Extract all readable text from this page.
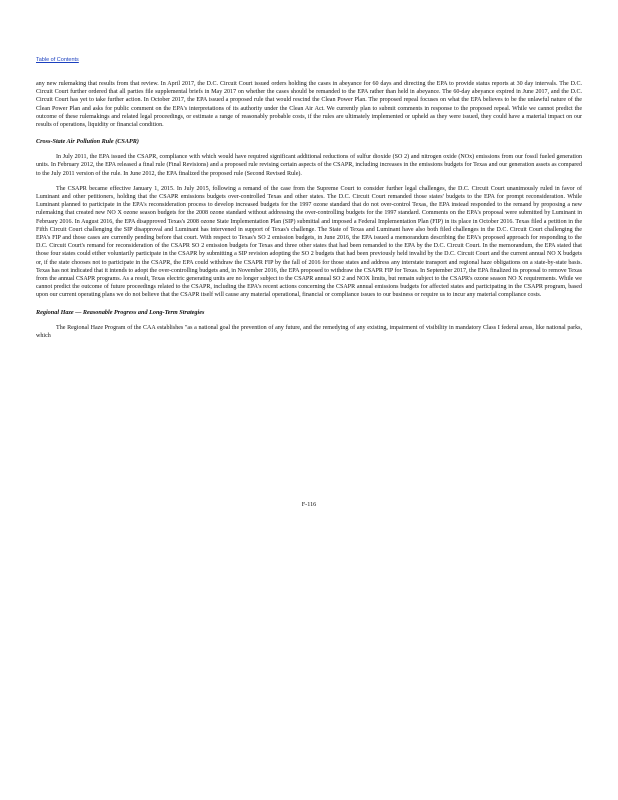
Table of Contents

any new rulemaking that results from that review. In April 2017, the D.C. Circuit Court issued orders holding the cases in abeyance for 60 days and directing the EPA to provide status reports at 30 day intervals. The D.C. Circuit Court further ordered that all parties file supplemental briefs in May 2017 on whether the cases should be remanded to the EPA rather than held in abeyance. The 60-day abeyance expired in June 2017, and the D.C. Circuit Court has yet to take further action. In October 2017, the EPA issued a proposed rule that would rescind the Clean Power Plan. The proposed repeal focuses on what the EPA believes to be the unlawful nature of the Clean Power Plan and asks for public comment on the EPA's interpretations of its authority under the Clean Air Act. We currently plan to submit comments in response to the proposed repeal. While we cannot predict the outcome of these rulemakings and related legal proceedings, or estimate a range of reasonably probable costs, if the rules are ultimately implemented or upheld as they were issued, they could have a material impact on our results of operations, liquidity or financial condition.

Cross-State Air Pollution Rule (CSAPR)

In July 2011, the EPA issued the CSAPR, compliance with which would have required significant additional reductions of sulfur dioxide (SO 2) and nitrogen oxide (NOx) emissions from our fossil fueled generation units. In February 2012, the EPA released a final rule (Final Revisions) and a proposed rule revising certain aspects of the CSAPR, including increases in the emissions budgets for Texas and our generation assets as compared to the July 2011 version of the rule. In June 2012, the EPA finalized the proposed rule (Second Revised Rule).

The CSAPR became effective January 1, 2015. In July 2015, following a remand of the case from the Supreme Court to consider further legal challenges, the D.C. Circuit Court unanimously ruled in favor of Luminant and other petitioners, holding that the CSAPR emissions budgets over-controlled Texas and other states. The D.C. Circuit Court remanded those states' budgets to the EPA for prompt reconsideration. While Luminant planned to participate in the EPA's reconsideration process to develop increased budgets for the 1997 ozone standard that do not over-control Texas, the EPA instead responded to the remand by proposing a new rulemaking that created new NO X ozone season budgets for the 2008 ozone standard without addressing the over-controlling budgets for the 1997 standard. Comments on the EPA's proposal were submitted by Luminant in February 2016. In August 2016, the EPA disapproved Texas's 2008 ozone State Implementation Plan (SIP) submittal and imposed a Federal Implementation Plan (FIP) in its place in October 2016. Texas filed a petition in the Fifth Circuit Court challenging the SIP disapproval and Luminant has intervened in support of Texas's challenge. The State of Texas and Luminant have also both filed challenges in the D.C. Circuit Court challenging the EPA's FIP and those cases are currently pending before that court. With respect to Texas's SO 2 emission budgets, in June 2016, the EPA issued a memorandum describing the EPA's proposed approach for responding to the D.C. Circuit Court's remand for reconsideration of the CSAPR SO 2 emission budgets for Texas and three other states that had been remanded to the EPA by the D.C. Circuit Court. In the memorandum, the EPA stated that those four states could either voluntarily participate in the CSAPR by submitting a SIP revision adopting the SO 2 budgets that had been previously held invalid by the D.C. Circuit Court and the current annual NO X budgets or, if the state chooses not to participate in the CSAPR, the EPA could withdraw the CSAPR FIP by the fall of 2016 for those states and address any interstate transport and regional haze obligations on a state-by-state basis. Texas has not indicated that it intends to adopt the over-controlling budgets and, in November 2016, the EPA proposed to withdraw the CSAPR FIP for Texas. In September 2017, the EPA finalized its proposal to remove Texas from the annual CSAPR programs. As a result, Texas electric generating units are no longer subject to the CSAPR annual SO 2 and NOX limits, but remain subject to the CSAPR's ozone season NO X requirements. While we cannot predict the outcome of future proceedings related to the CSAPR, including the EPA's recent actions concerning the CSAPR annual emissions budgets for affected states and participating in the CSAPR program, based upon our current operating plans we do not believe that the CSAPR itself will cause any material operational, financial or compliance issues to our business or require us to incur any material compliance costs.

Regional Haze — Reasonable Progress and Long-Term Strategies

The Regional Haze Program of the CAA establishes "as a national goal the prevention of any future, and the remedying of any existing, impairment of visibility in mandatory Class I federal areas, like national parks, which

F-116
